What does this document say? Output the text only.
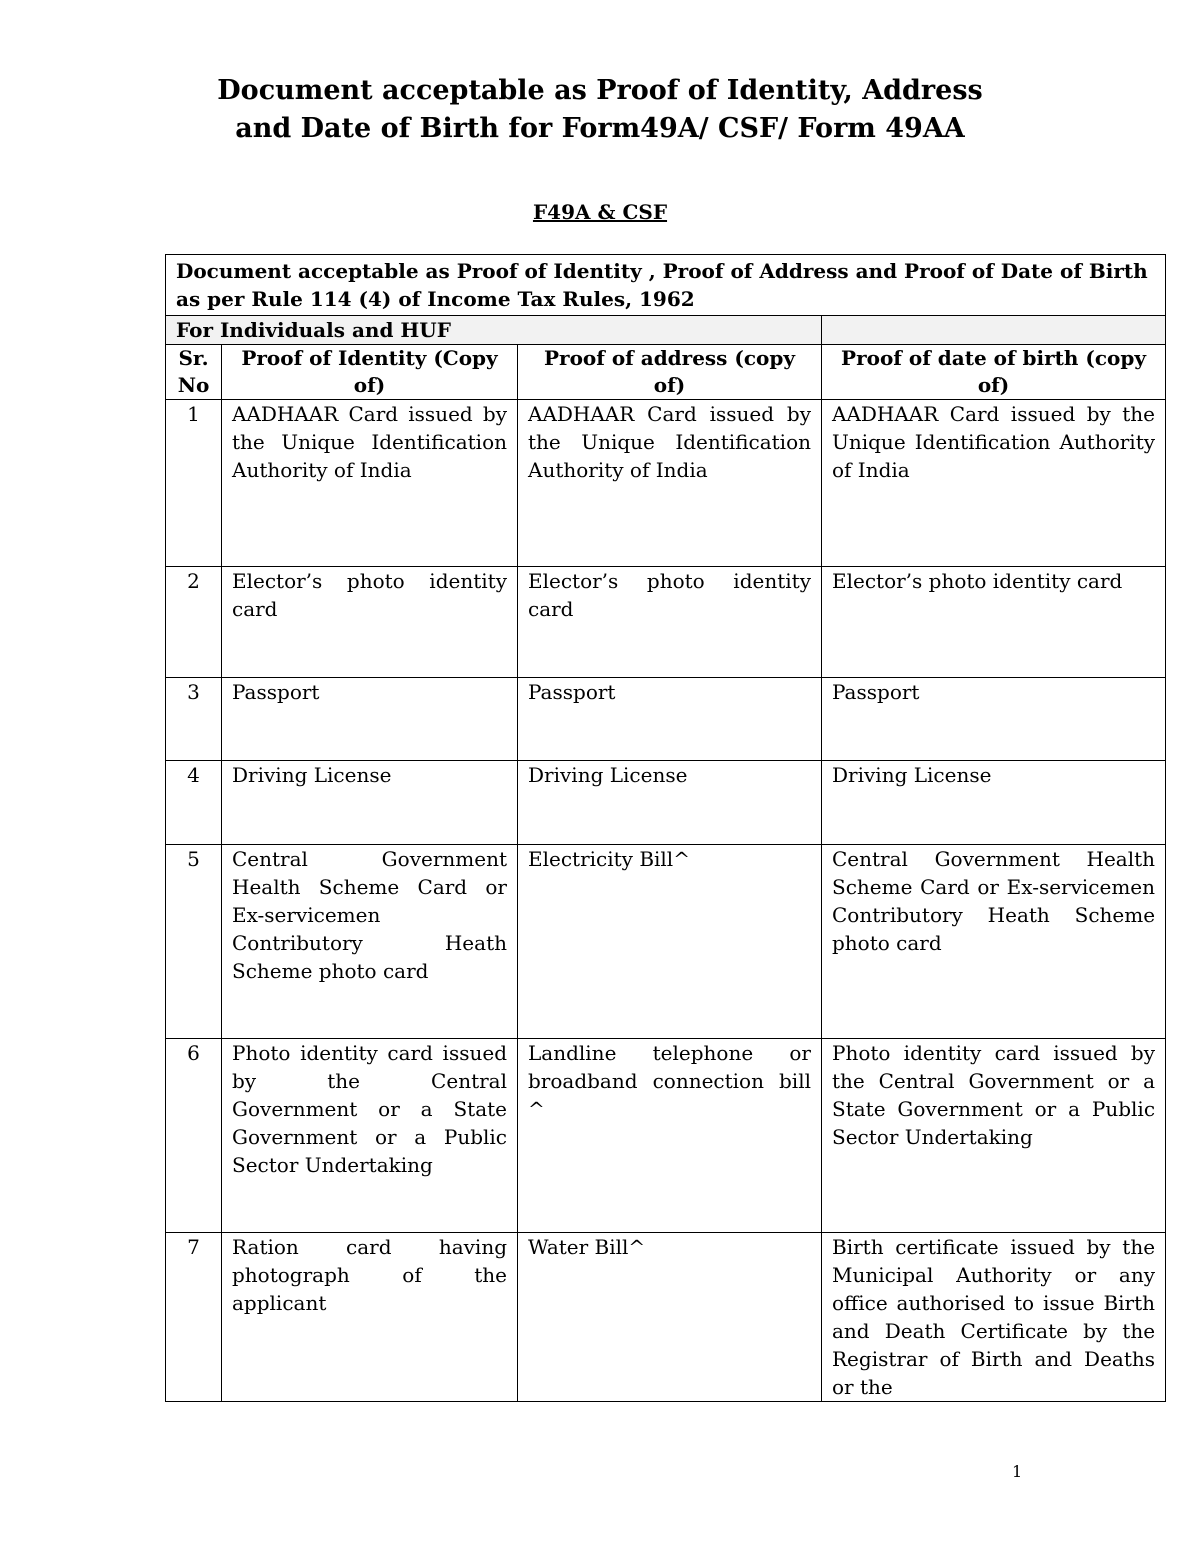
Document acceptable as Proof of Identity, Address
and Date of Birth for Form49A/ CSF/ Form 49AA
F49A & CSF
Document acceptable as Proof of Identity , Proof of Address and Proof of Date of Birth as per Rule 114 (4) of Income Tax Rules, 1962			
For Individuals and HUF			
Sr. No	Proof of Identity (Copy of)	Proof of address (copy of)	Proof of date of birth (copy of)
1	AADHAAR Card issued by the Unique Identification Authority of India	AADHAAR Card issued by the Unique Identification Authority of India	AADHAAR Card issued by the Unique Identification Authority of India
2	Elector’s photo identity card	Elector’s photo identity card	Elector’s photo identity card
3	Passport	Passport	Passport
4	Driving License	Driving License	Driving License
5	Central Government Health Scheme Card or Ex-servicemen Contributory Heath Scheme photo card	Electricity Bill^	Central Government Health Scheme Card or Ex-servicemen Contributory Heath Scheme photo card
6	Photo identity card issued by the Central Government or a State Government or a Public Sector Undertaking	Landline telephone or broadband connection bill ^	Photo identity card issued by the Central Government or a State Government or a Public Sector Undertaking
7	Ration card having photograph of the applicant	Water Bill^	Birth certificate issued by the Municipal Authority or any office authorised to issue Birth and Death Certificate by the Registrar of Birth and Deaths or the
1
